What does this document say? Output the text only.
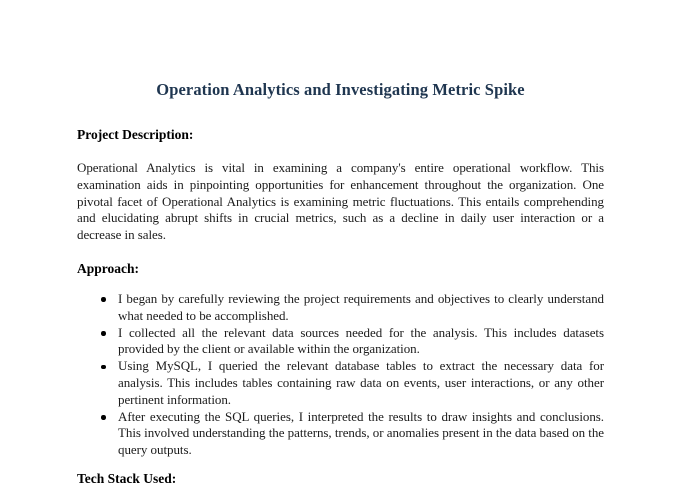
Operation Analytics and Investigating Metric Spike
Project Description:

Operational Analytics is vital in examining a company's entire operational workflow. This examination aids in pinpointing opportunities for enhancement throughout the organization. One pivotal facet of Operational Analytics is examining metric fluctuations. This entails comprehending and elucidating abrupt shifts in crucial metrics, such as a decline in daily user interaction or a decrease in sales.

Approach:
I began by carefully reviewing the project requirements and objectives to clearly understand what needed to be accomplished.
I collected all the relevant data sources needed for the analysis. This includes datasets provided by the client or available within the organization.
Using MySQL, I queried the relevant database tables to extract the necessary data for analysis. This includes tables containing raw data on events, user interactions, or any other pertinent information.
After executing the SQL queries, I interpreted the results to draw insights and conclusions. This involved understanding the patterns, trends, or anomalies present in the data based on the query outputs.
Tech Stack Used:
